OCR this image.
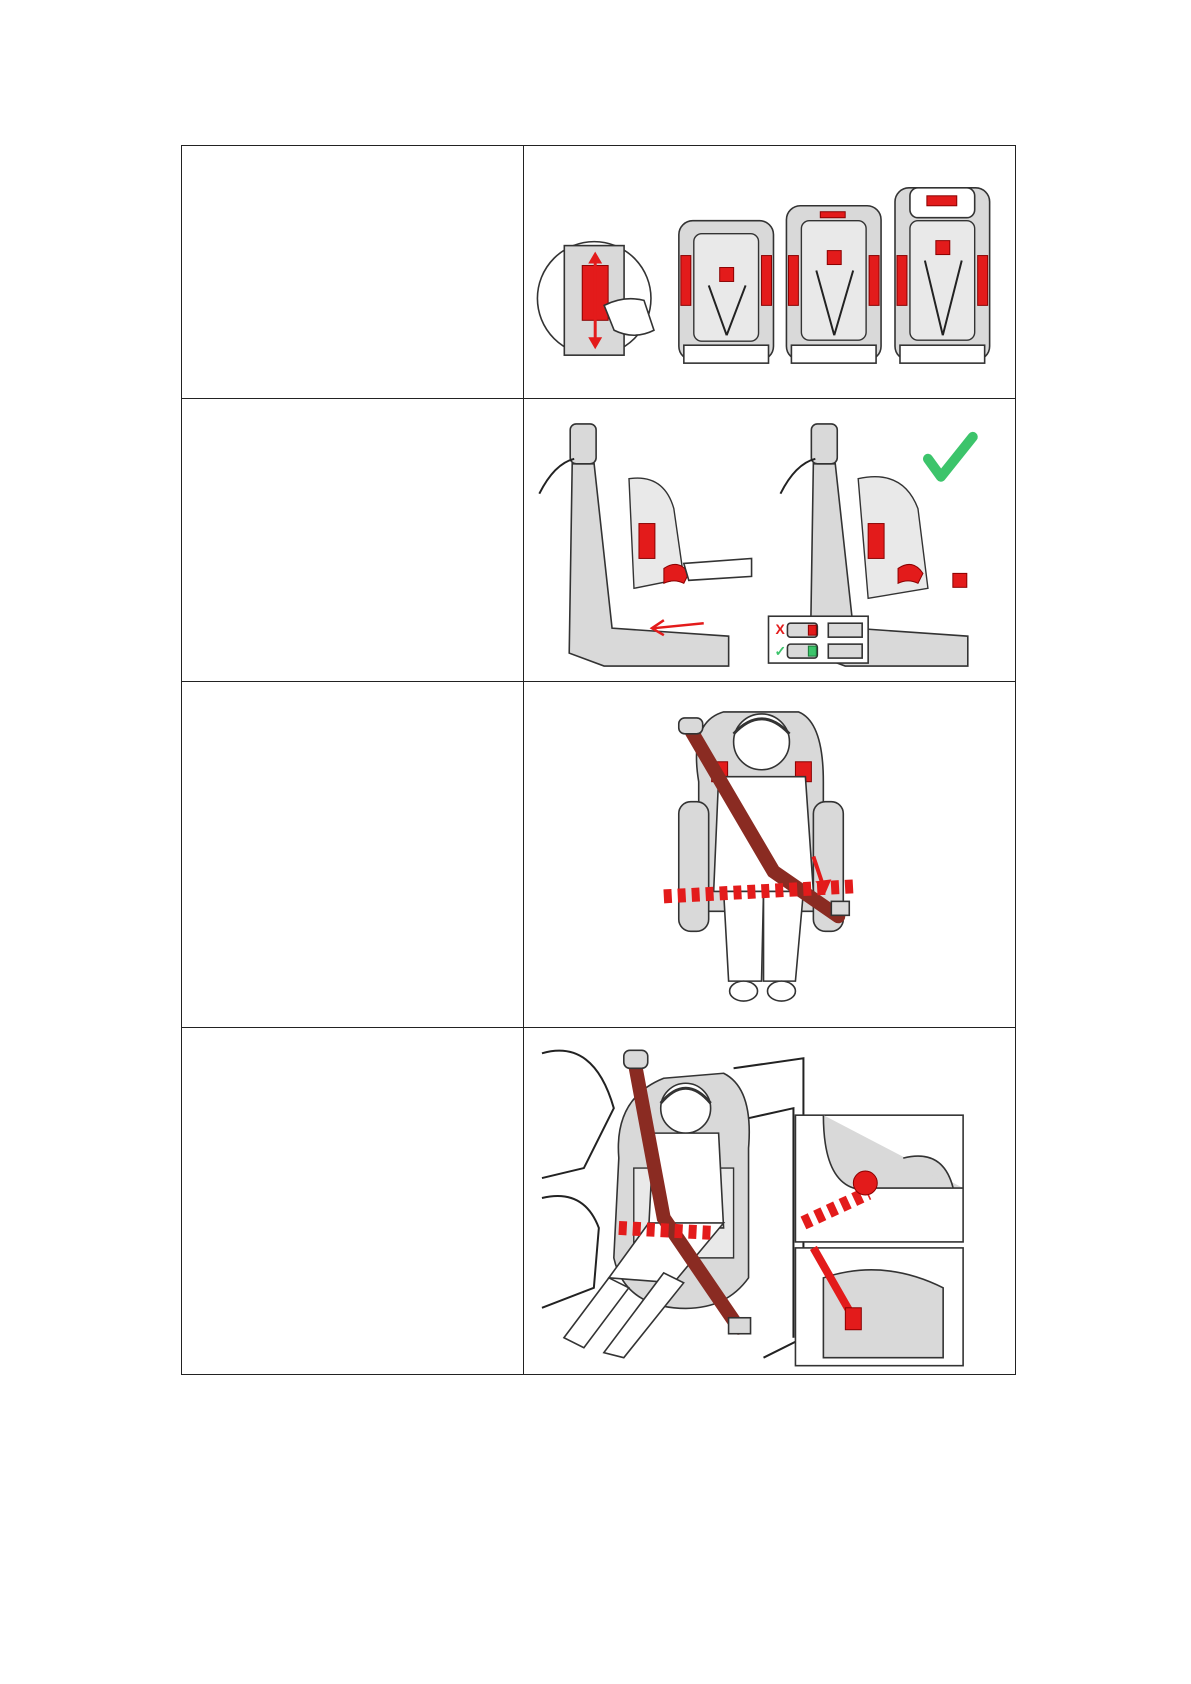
X
✓
